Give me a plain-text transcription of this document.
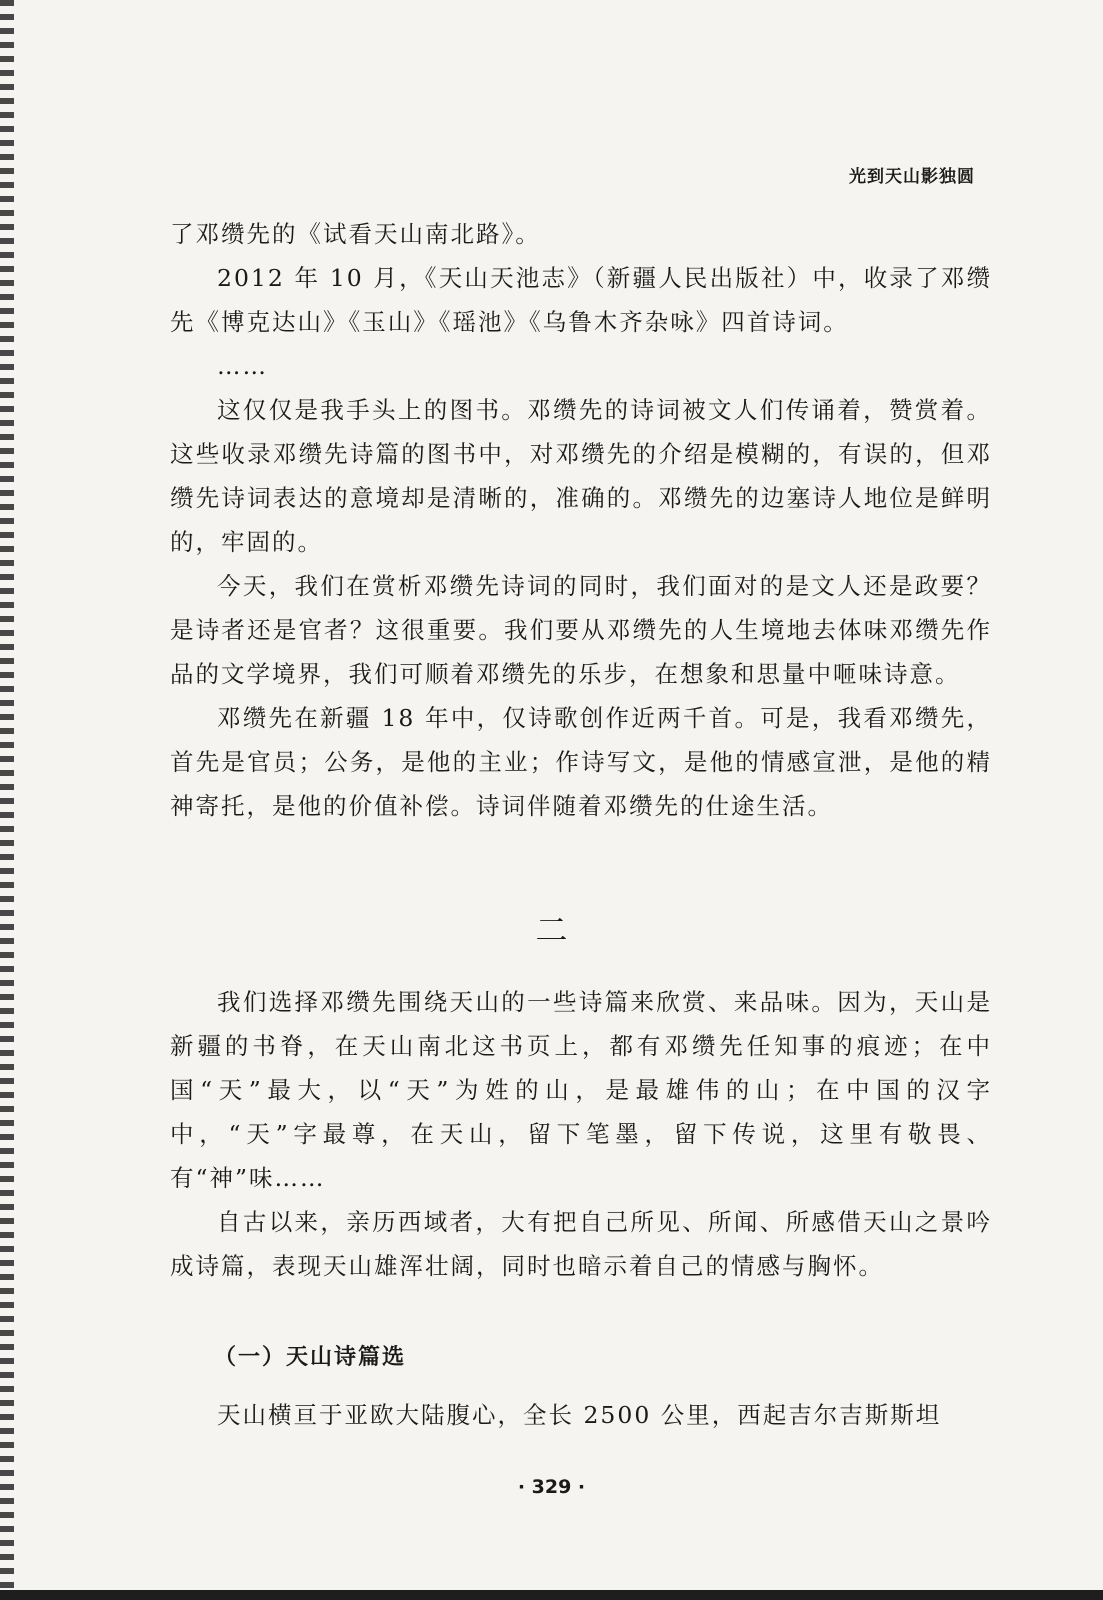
光到天山影独圆

了邓缵先的《试看天山南北路》。

2012 年 10 月，《天山天池志》（新疆人民出版社）中，收录了邓缵先《博克达山》《玉山》《瑶池》《乌鲁木齐杂咏》四首诗词。

……

这仅仅是我手头上的图书。邓缵先的诗词被文人们传诵着，赞赏着。这些收录邓缵先诗篇的图书中，对邓缵先的介绍是模糊的，有误的，但邓缵先诗词表达的意境却是清晰的，准确的。邓缵先的边塞诗人地位是鲜明的，牢固的。

今天，我们在赏析邓缵先诗词的同时，我们面对的是文人还是政要？是诗者还是官者？这很重要。我们要从邓缵先的人生境地去体味邓缵先作品的文学境界，我们可顺着邓缵先的乐步，在想象和思量中咂味诗意。

邓缵先在新疆 18 年中，仅诗歌创作近两千首。可是，我看邓缵先，首先是官员；公务，是他的主业；作诗写文，是他的情感宣泄，是他的精神寄托，是他的价值补偿。诗词伴随着邓缵先的仕途生活。

二

我们选择邓缵先围绕天山的一些诗篇来欣赏、来品味。因为，天山是新疆的书脊，在天山南北这书页上，都有邓缵先任知事的痕迹；在中国“天”最大，以“天”为姓的山，是最雄伟的山；在中国的汉字中，“天”字最尊，在天山，留下笔墨，留下传说，这里有敬畏、有“神”味……

自古以来，亲历西域者，大有把自己所见、所闻、所感借天山之景吟成诗篇，表现天山雄浑壮阔，同时也暗示着自己的情感与胸怀。

（一）天山诗篇选

天山横亘于亚欧大陆腹心，全长 2500 公里，西起吉尔吉斯斯坦

· 329 ·
